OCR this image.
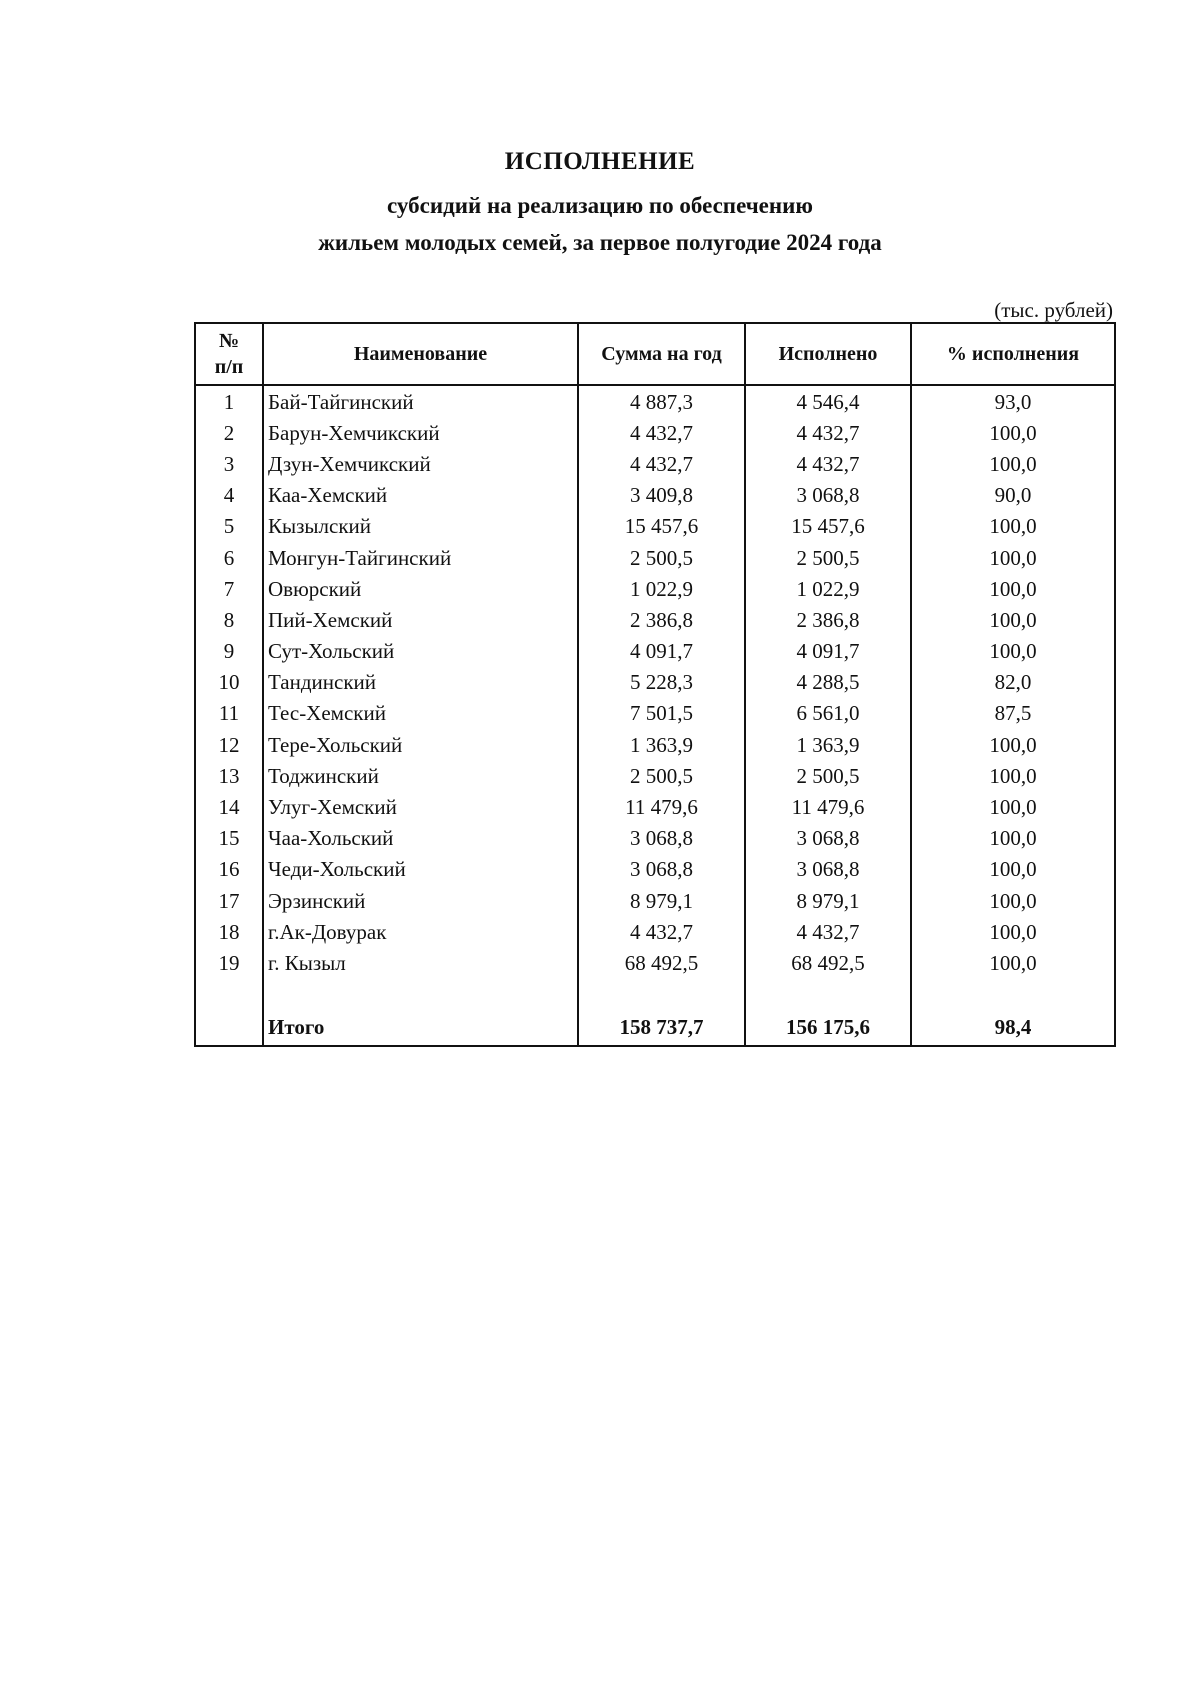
ИСПОЛНЕНИЕ
субсидий на реализацию по обеспечению
жильем молодых семей, за первое полугодие 2024 года
(тыс. рублей)
№
п/п	Наименование	Сумма на год	Исполнено	% исполнения
1	Бай-Тайгинский	4 887,3	4 546,4	93,0
2	Барун-Хемчикский	4 432,7	4 432,7	100,0
3	Дзун-Хемчикский	4 432,7	4 432,7	100,0
4	Каа-Хемский	3 409,8	3 068,8	90,0
5	Кызылский	15 457,6	15 457,6	100,0
6	Монгун-Тайгинский	2 500,5	2 500,5	100,0
7	Овюрский	1 022,9	1 022,9	100,0
8	Пий-Хемский	2 386,8	2 386,8	100,0
9	Сут-Хольский	4 091,7	4 091,7	100,0
10	Тандинский	5 228,3	4 288,5	82,0
11	Тес-Хемский	7 501,5	6 561,0	87,5
12	Тере-Хольский	1 363,9	1 363,9	100,0
13	Тоджинский	2 500,5	2 500,5	100,0
14	Улуг-Хемский	11 479,6	11 479,6	100,0
15	Чаа-Хольский	3 068,8	3 068,8	100,0
16	Чеди-Хольский	3 068,8	3 068,8	100,0
17	Эрзинский	8 979,1	8 979,1	100,0
18	г.Ак-Довурак	4 432,7	4 432,7	100,0
19	г. Кызыл	68 492,5	68 492,5	100,0

	Итого	158 737,7	156 175,6	98,4
